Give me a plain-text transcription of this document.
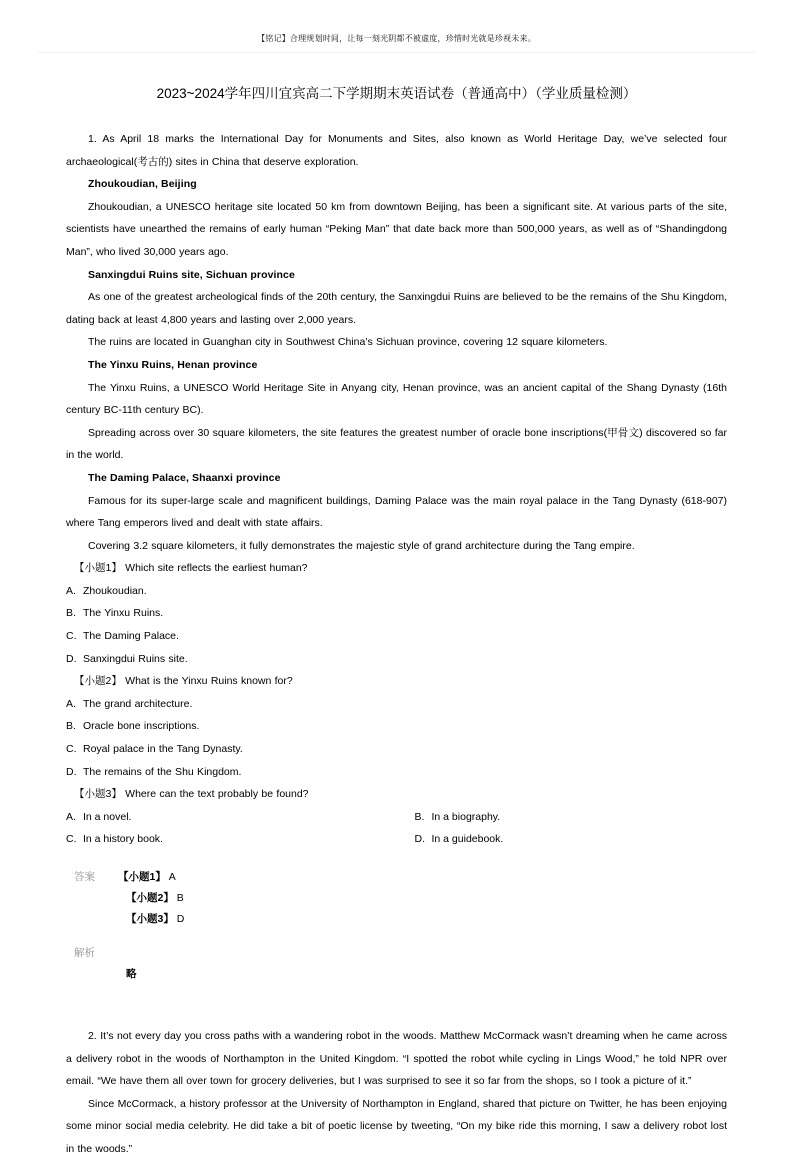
【铭记】合理规划时间，让每一刻光阴都不被虚度，珍惜时光就是珍视未来。
2023~2024学年四川宜宾高二下学期期末英语试卷（普通高中）（学业质量检测）

1. As April 18 marks the International Day for Monuments and Sites, also known as World Heritage Day, we’ve selected four archaeological(考古的) sites in China that deserve exploration.

Zhoukoudian, Beijing

Zhoukoudian, a UNESCO heritage site located 50 km from downtown Beijing, has been a significant site. At various parts of the site, scientists have unearthed the remains of early human “Peking Man” that date back more than 500,000 years, as well as of “Shandingdong Man”, who lived 30,000 years ago.

Sanxingdui Ruins site, Sichuan province

As one of the greatest archeological finds of the 20th century, the Sanxingdui Ruins are believed to be the remains of the Shu Kingdom, dating back at least 4,800 years and lasting over 2,000 years.

The ruins are located in Guanghan city in Southwest China’s Sichuan province, covering 12 square kilometers.

The Yinxu Ruins, Henan province

The Yinxu Ruins, a UNESCO World Heritage Site in Anyang city, Henan province, was an ancient capital of the Shang Dynasty (16th century BC-11th century BC).

Spreading across over 30 square kilometers, the site features the greatest number of oracle bone inscriptions(甲骨文) discovered so far in the world.

The Daming Palace, Shaanxi province

Famous for its super-large scale and magnificent buildings, Daming Palace was the main royal palace in the Tang Dynasty (618-907) where Tang emperors lived and dealt with state affairs.

Covering 3.2 square kilometers, it fully demonstrates the majestic style of grand architecture during the Tang empire.

【小题1】 Which site reflects the earliest human?

A. Zhoukoudian.

B. The Yinxu Ruins.

C. The Daming Palace.

D. Sanxingdui Ruins site.

【小题2】 What is the Yinxu Ruins known for?

A. The grand architecture.

B. Oracle bone inscriptions.

C. Royal palace in the Tang Dynasty.

D. The remains of the Shu Kingdom.

【小题3】 Where can the text probably be found?

A. In a novel.	B. In a biography.
C. In a history book.	D. In a guidebook.
答案	【小题1】 A
【小题2】 B
【小题3】 D
解析
略

2. It’s not every day you cross paths with a wandering robot in the woods. Matthew McCormack wasn’t dreaming when he came across a delivery robot in the woods of Northampton in the United Kingdom. “I spotted the robot while cycling in Lings Wood,” he told NPR over email. “We have them all over town for grocery deliveries, but I was surprised to see it so far from the shops, so I took a picture of it.”

Since McCormack, a history professor at the University of Northampton in England, shared that picture on Twitter, he has been enjoying some minor social media celebrity. He did take a bit of poetic license by tweeting, “On my bike ride this morning, I saw a delivery robot lost in the woods.”
